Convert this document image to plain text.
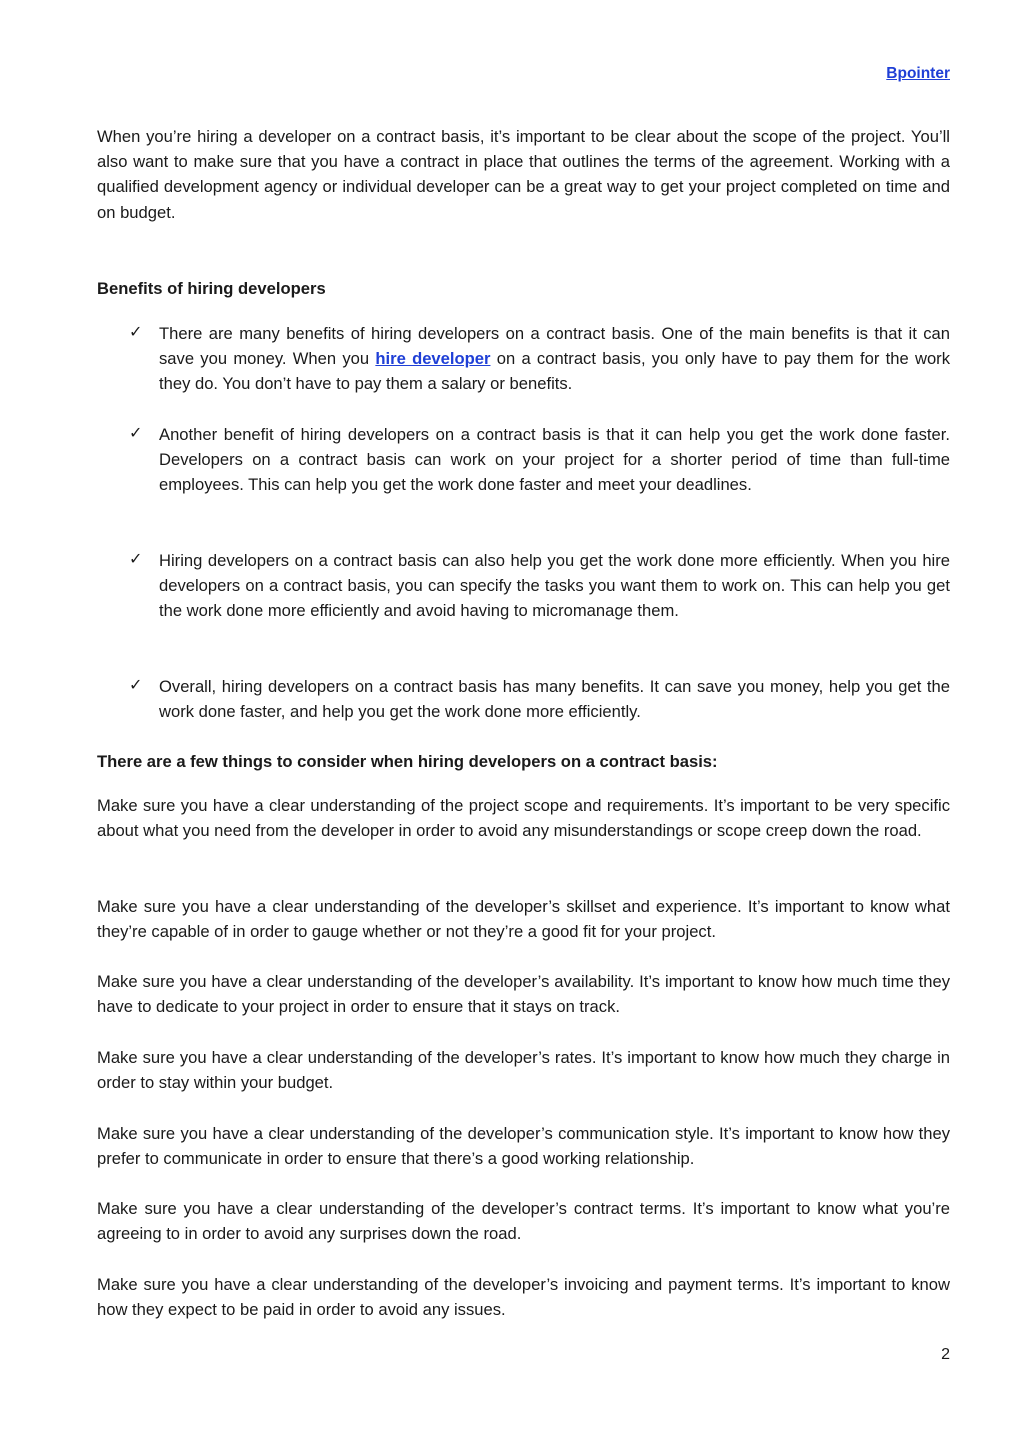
Bpointer

When you’re hiring a developer on a contract basis, it’s important to be clear about the scope of the project. You’ll also want to make sure that you have a contract in place that outlines the terms of the agreement. Working with a qualified development agency or individual developer can be a great way to get your project completed on time and on budget.

Benefits of hiring developers
✓ There are many benefits of hiring developers on a contract basis. One of the main benefits is that it can save you money. When you hire developer on a contract basis, you only have to pay them for the work they do. You don’t have to pay them a salary or benefits.

✓ Another benefit of hiring developers on a contract basis is that it can help you get the work done faster. Developers on a contract basis can work on your project for a shorter period of time than full-time employees. This can help you get the work done faster and meet your deadlines.

✓ Hiring developers on a contract basis can also help you get the work done more efficiently. When you hire developers on a contract basis, you can specify the tasks you want them to work on. This can help you get the work done more efficiently and avoid having to micromanage them.

✓ Overall, hiring developers on a contract basis has many benefits. It can save you money, help you get the work done faster, and help you get the work done more efficiently.

There are a few things to consider when hiring developers on a contract basis:

Make sure you have a clear understanding of the project scope and requirements. It’s important to be very specific about what you need from the developer in order to avoid any misunderstandings or scope creep down the road.

Make sure you have a clear understanding of the developer’s skillset and experience. It’s important to know what they’re capable of in order to gauge whether or not they’re a good fit for your project.

Make sure you have a clear understanding of the developer’s availability. It’s important to know how much time they have to dedicate to your project in order to ensure that it stays on track.

Make sure you have a clear understanding of the developer’s rates. It’s important to know how much they charge in order to stay within your budget.

Make sure you have a clear understanding of the developer’s communication style. It’s important to know how they prefer to communicate in order to ensure that there’s a good working relationship.

Make sure you have a clear understanding of the developer’s contract terms. It’s important to know what you’re agreeing to in order to avoid any surprises down the road.

Make sure you have a clear understanding of the developer’s invoicing and payment terms. It’s important to know how they expect to be paid in order to avoid any issues.

2
